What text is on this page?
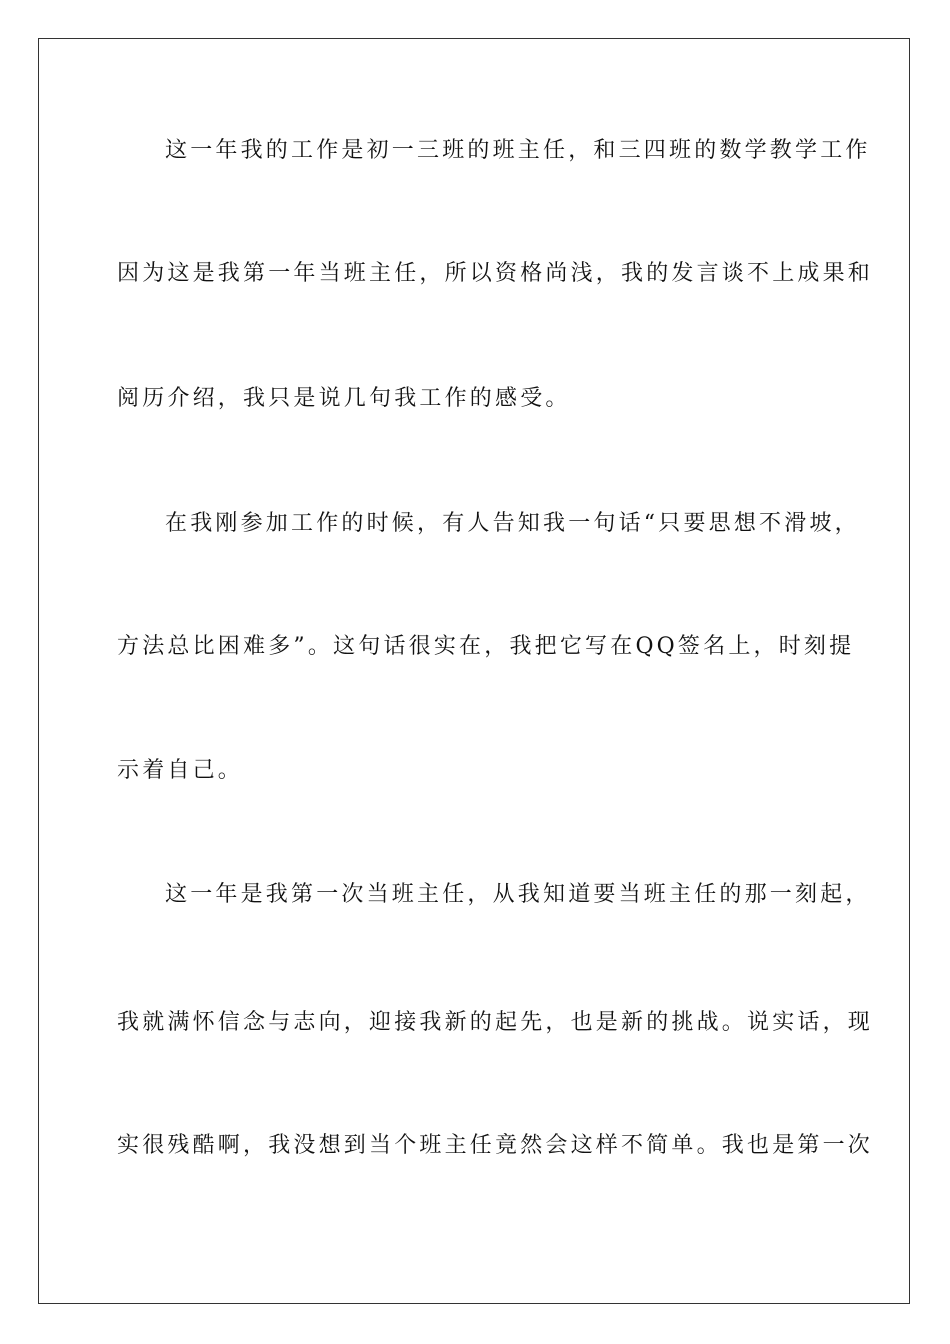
这一年我的工作是初一三班的班主任，和三四班的数学教学工作
因为这是我第一年当班主任，所以资格尚浅，我的发言谈不上成果和
阅历介绍，我只是说几句我工作的感受。
在我刚参加工作的时候，有人告知我一句话“只要思想不滑坡，
方法总比困难多”。这句话很实在，我把它写在QQ签名上，时刻提
示着自己。
这一年是我第一次当班主任，从我知道要当班主任的那一刻起，
我就满怀信念与志向，迎接我新的起先，也是新的挑战。说实话，现
实很残酷啊，我没想到当个班主任竟然会这样不简单。我也是第一次
